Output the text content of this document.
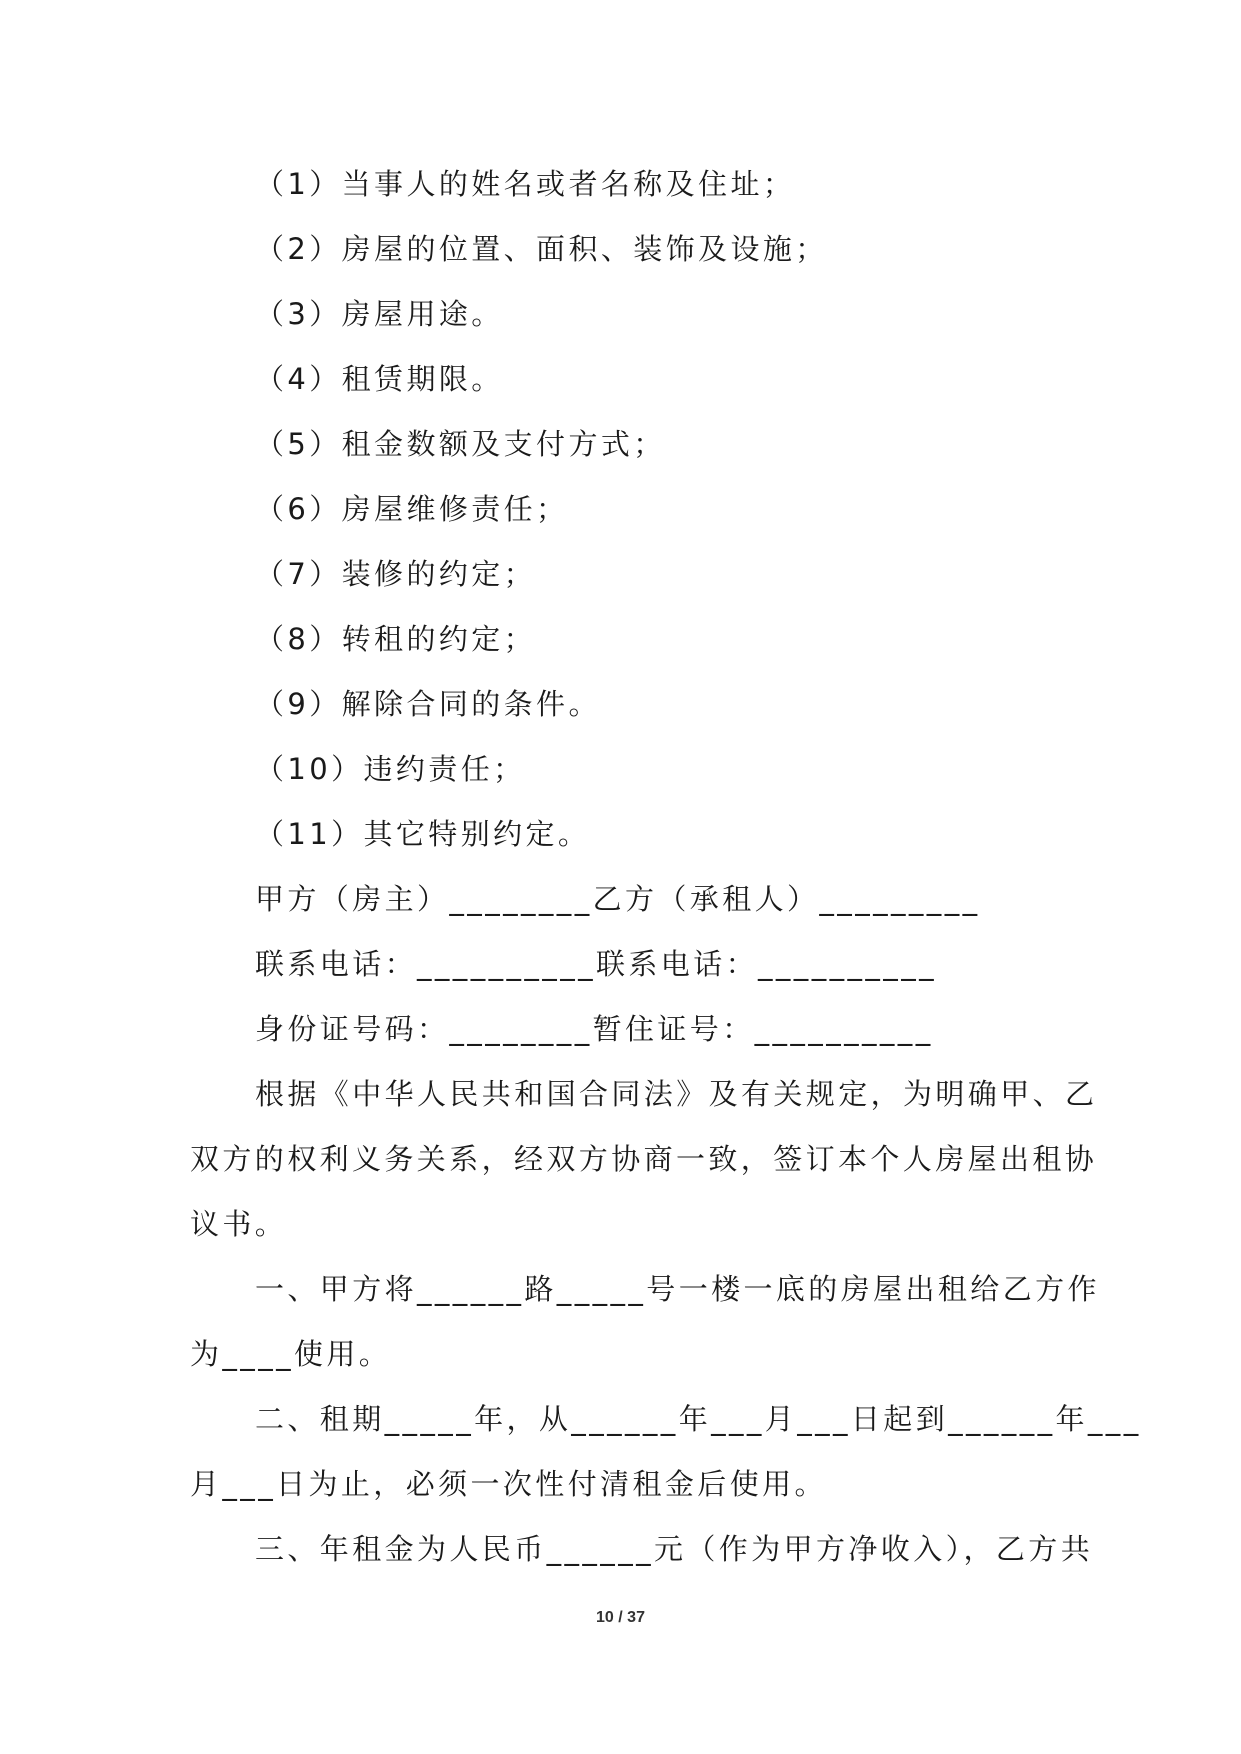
（1）当事人的姓名或者名称及住址；

（2）房屋的位置、面积、装饰及设施；

（3）房屋用途。

（4）租赁期限。

（5）租金数额及支付方式；

（6）房屋维修责任；

（7）装修的约定；

（8）转租的约定；

（9）解除合同的条件。

（10）违约责任；

（11）其它特别约定。

甲方（房主）________乙方（承租人）_________

联系电话：__________联系电话：__________

身份证号码：________暂住证号：__________

根据《中华人民共和国合同法》及有关规定，为明确甲、乙

双方的权利义务关系，经双方协商一致，签订本个人房屋出租协

议书。

一、甲方将______路_____号一楼一底的房屋出租给乙方作

为____使用。

二、租期_____年，从______年___月___日起到______年___

月___日为止，必须一次性付清租金后使用。

三、年租金为人民币______元（作为甲方净收入），乙方共

10 / 37
